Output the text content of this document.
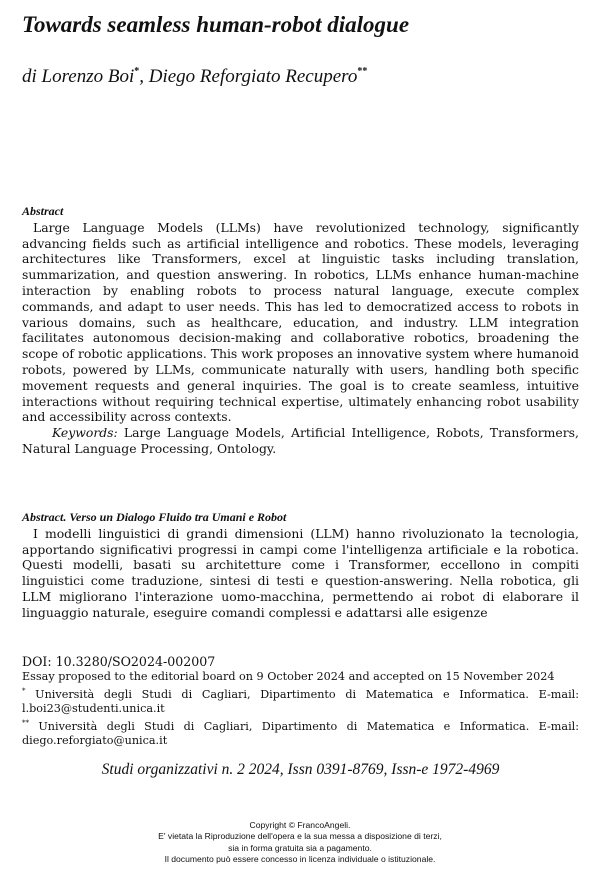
Towards seamless human-robot dialogue
di Lorenzo Boi*, Diego Reforgiato Recupero**
Abstract

Large Language Models (LLMs) have revolutionized technology, significantly advancing fields such as artificial intelligence and robotics. These models, leveraging architectures like Transformers, excel at linguistic tasks including translation, summarization, and question answering. In robotics, LLMs enhance human-machine interaction by enabling robots to process natural language, execute complex commands, and adapt to user needs. This has led to democratized access to robots in various domains, such as healthcare, education, and industry. LLM integration facilitates autonomous decision-making and collaborative robotics, broadening the scope of robotic applications. This work proposes an innovative system where humanoid robots, powered by LLMs, communicate naturally with users, handling both specific movement requests and general inquiries. The goal is to create seamless, intuitive interactions without requiring technical expertise, ultimately enhancing robot usability and accessibility across contexts.

Keywords: Large Language Models, Artificial Intelligence, Robots, Transformers, Natural Language Processing, Ontology.

Abstract. Verso un Dialogo Fluido tra Umani e Robot

I modelli linguistici di grandi dimensioni (LLM) hanno rivoluzionato la tecnologia, apportando significativi progressi in campi come l'intelligenza artificiale e la robotica. Questi modelli, basati su architetture come i Transformer, eccellono in compiti linguistici come traduzione, sintesi di testi e question-answering. Nella robotica, gli LLM migliorano l'interazione uomo-macchina, permettendo ai robot di elaborare il linguaggio naturale, eseguire comandi complessi e adattarsi alle esigenze

DOI: 10.3280/SO2024-002007

Essay proposed to the editorial board on 9 October 2024 and accepted on 15 November 2024

* Università degli Studi di Cagliari, Dipartimento di Matematica e Informatica. E-mail: l.boi23@studenti.unica.it

** Università degli Studi di Cagliari, Dipartimento di Matematica e Informatica. E-mail: diego.reforgiato@unica.it

Studi organizzativi n. 2 2024, Issn 0391-8769, Issn-e 1972-4969
Copyright © FrancoAngeli.
E' vietata la Riproduzione dell'opera e la sua messa a disposizione di terzi,
sia in forma gratuita sia a pagamento.
Il documento può essere concesso in licenza individuale o istituzionale.
